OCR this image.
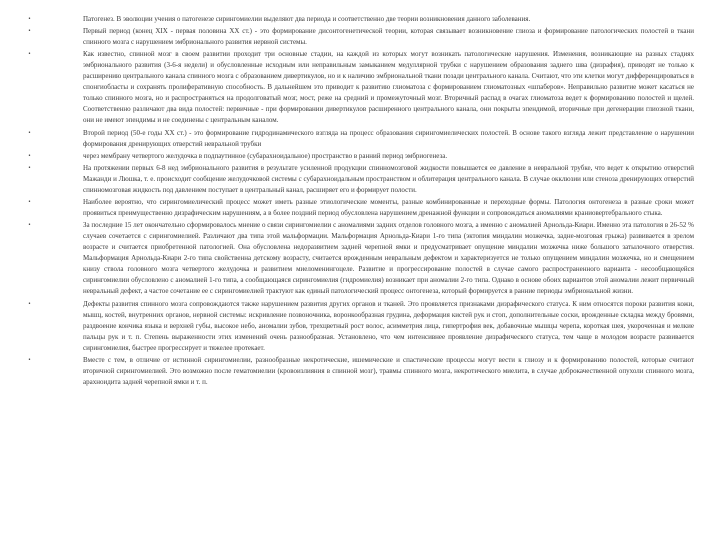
•	Патогенез. В эволюции учения о патогенезе сирингомиелии выделяют два периода и соответственно две теории возникновения данного заболевания.
•	Первый период (конец XIX - первая половина XX ст.) - это формирование дисонтогенетической теории, которая связывает возникновение глиоза и формирование патологических полостей в ткани спинного мозга с нарушением эмбрионального развития нервной системы.
•	Как известно, спинной мозг в своем развитии проходит три основные стадии, на каждой из которых могут возникать патологические нарушения. Изменения, возникающие на разных стадиях эмбрионального развития (3-6-я недели) и обусловленные исходным или неправильным замыканием медуллярной трубки с нарушением образования заднего шва (дизрафия), приводят не только к расширению центрального канала спинного мозга с образованием дивертикулов, но и к наличию эмбриональной ткани позади центрального канала. Считают, что эти клетки могут дифференцироваться в спонгиобласты и сохранять пролиферативную способность. В дальнейшем это приводит к развитию глиоматоза с формированием глиоматозных «шпаберов». Неправильно развитие может касаться не только спинного мозга, но и распространяться на продолговатый мозг, мост, реже на средний и промежуточный мозг. Вторичный распад в очагах глиоматоза ведет к формированию полостей и щелей. Соответственно различают два вида полостей: первичные - при формировании дивертикулов расширенного центрального канала, они покрыты эпендимой, вторичные при дегенерации глиозной ткани, они не имеют эпендимы и не соединены с центральным каналом.
•	Второй период (50-е годы XX ст.) - это формирование гидродинамического взгляда на процесс образования сирингомиелических полостей. В основе такого взгляда лежит представление о нарушении формирования дренирующих отверстий невральной трубки
•	через мембрану четвертого желудочка в подпаутинное (субарахноидальное) пространство в ранний период эмбриогенеза.
•	На протяжении первых 6-8 нед эмбрионального развития в результате усиленной продукции спинномозговой жидкости повышается ее давление в невральной трубке, что ведет к открытию отверстий Мажанди и Люшка, т. е. происходит сообщение желудочковой системы с субарахноидальным пространством и облитерация центрального канала. В случае окклюзии или стеноза дренирующих отверстий спинномозговая жидкость под давлением поступает в центральный канал, расширяет его и формирует полости.
•	Наиболее вероятно, что сирингомиелический процесс может иметь разные этиологические моменты, разные комбинированные и переходные формы. Патология онтогенеза в разные сроки может проявиться преимущественно дизрафическим нарушениям, а в более поздний период обусловлена нарушением дренажной функции и сопровождаться аномалиями краниовертебрального стыка.
•	За последние 15 лет окончательно сформировалось мнение о связи сирингомиелии с аномалиями задних отделов головного мозга, а именно с аномалией Арнольда-Киари. Именно эта патология в 26-52 % случаев сочетается с сирингомиелией. Различают два типа этой мальформации. Мальформация Арнольда-Киари 1-го типа (эктопия миндалин мозжечка, задне-мозговая грыжа) развивается в зрелом возрасте и считается приобретенной патологией. Она обусловлена недоразвитием задней черепной ямки и предусматривает опущение миндалин мозжечка ниже большого затылочного отверстия. Мальформация Арнольда-Киари 2-го типа свойственна детскому возрасту, считается врожденным невральным дефектом и характеризуется не только опущением миндалин мозжечка, но и смещением книзу ствола головного мозга четвертого желудочка и развитием миеломенингоцеле. Развитие и прогрессирование полостей в случае самого распространенного варианта - несообщающейся сирингомиелии обусловлено с аномалией 1-го типа, а сообщающаяся сирингомиелия (гидромиелия) возникает при аномалии 2-го типа. Однако в основе обоих вариантов этой аномалии лежит первичный невральный дефект, а частое сочетание ее с сирингомиелией трактуют как единый патологический процесс онтогенеза, который формируется в ранние периоды эмбриональной жизни.
•	Дефекты развития спинного мозга сопровождаются также нарушением развития других органов и тканей. Это проявляется признаками дизрафического статуса. К ним относятся пороки развития кожи, мышц, костей, внутренних органов, нервной системы: искривление позвоночника, воронкообразная грудина, деформация кистей рук и стоп, дополнительные соски, врожденные складка между бровями, раздвоение кончика языка и верхней губы, высокое небо, аномалии зубов, трехцветный рост волос, асимметрия лица, гипертрофия век, добавочные мышцы черепа, короткая шея, укороченная и мелкие пальцы рук и т. п. Степень выраженности этих изменений очень разнообразная. Установлено, что чем интенсивнее проявление дизрафического статуса, тем чаще в молодом возрасте развивается сирингомиелия, быстрее прогрессирует и тяжелее протекает.
•	Вместе с тем, в отличие от истинной сирингомиелии, разнообразные некротические, ишемические и спастические процессы могут вести к глиозу и к формированию полостей, которые считают вторичной сирингомиелией. Это возможно после гематомиелии (кровоизлияния в спинной мозг), травмы спинного мозга, некротического миелита, в случае доброкачественной опухоли спинного мозга, арахноидита задней черепной ямки и т. п.
